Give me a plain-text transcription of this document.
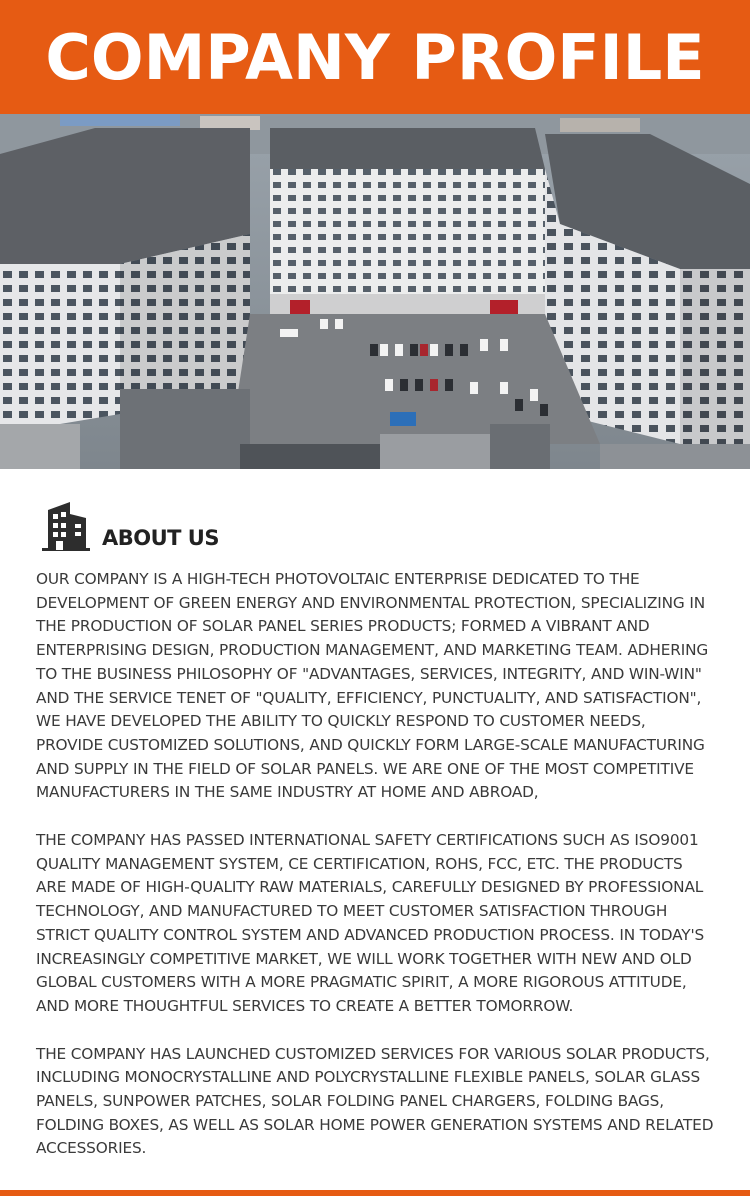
COMPANY PROFILE
ABOUT US

OUR COMPANY IS A HIGH-TECH PHOTOVOLTAIC ENTERPRISE DEDICATED TO THE DEVELOPMENT OF GREEN ENERGY AND ENVIRONMENTAL PROTECTION, SPECIALIZING IN THE PRODUCTION OF SOLAR PANEL SERIES PRODUCTS; FORMED A VIBRANT AND ENTERPRISING DESIGN, PRODUCTION MANAGEMENT, AND MARKETING TEAM. ADHERING TO THE BUSINESS PHILOSOPHY OF "ADVANTAGES, SERVICES, INTEGRITY, AND WIN-WIN" AND THE SERVICE TENET OF "QUALITY, EFFICIENCY, PUNCTUALITY, AND SATISFACTION", WE HAVE DEVELOPED THE ABILITY TO QUICKLY RESPOND TO CUSTOMER NEEDS, PROVIDE CUSTOMIZED SOLUTIONS, AND QUICKLY FORM LARGE-SCALE MANUFACTURING AND SUPPLY IN THE FIELD OF SOLAR PANELS. WE ARE ONE OF THE MOST COMPETITIVE MANUFACTURERS IN THE SAME INDUSTRY AT HOME AND ABROAD,

THE COMPANY HAS PASSED INTERNATIONAL SAFETY CERTIFICATIONS SUCH AS ISO9001 QUALITY MANAGEMENT SYSTEM, CE CERTIFICATION, ROHS, FCC, ETC. THE PRODUCTS ARE MADE OF HIGH-QUALITY RAW MATERIALS, CAREFULLY DESIGNED BY PROFESSIONAL TECHNOLOGY, AND MANUFACTURED TO MEET CUSTOMER SATISFACTION THROUGH STRICT QUALITY CONTROL SYSTEM AND ADVANCED PRODUCTION PROCESS. IN TODAY'S INCREASINGLY COMPETITIVE MARKET, WE WILL WORK TOGETHER WITH NEW AND OLD GLOBAL CUSTOMERS WITH A MORE PRAGMATIC SPIRIT, A MORE RIGOROUS ATTITUDE, AND MORE THOUGHTFUL SERVICES TO CREATE A BETTER TOMORROW.

THE COMPANY HAS LAUNCHED CUSTOMIZED SERVICES FOR VARIOUS SOLAR PRODUCTS, INCLUDING MONOCRYSTALLINE AND POLYCRYSTALLINE FLEXIBLE PANELS, SOLAR GLASS PANELS, SUNPOWER PATCHES, SOLAR FOLDING PANEL CHARGERS, FOLDING BAGS, FOLDING BOXES, AS WELL AS SOLAR HOME POWER GENERATION SYSTEMS AND RELATED ACCESSORIES.
